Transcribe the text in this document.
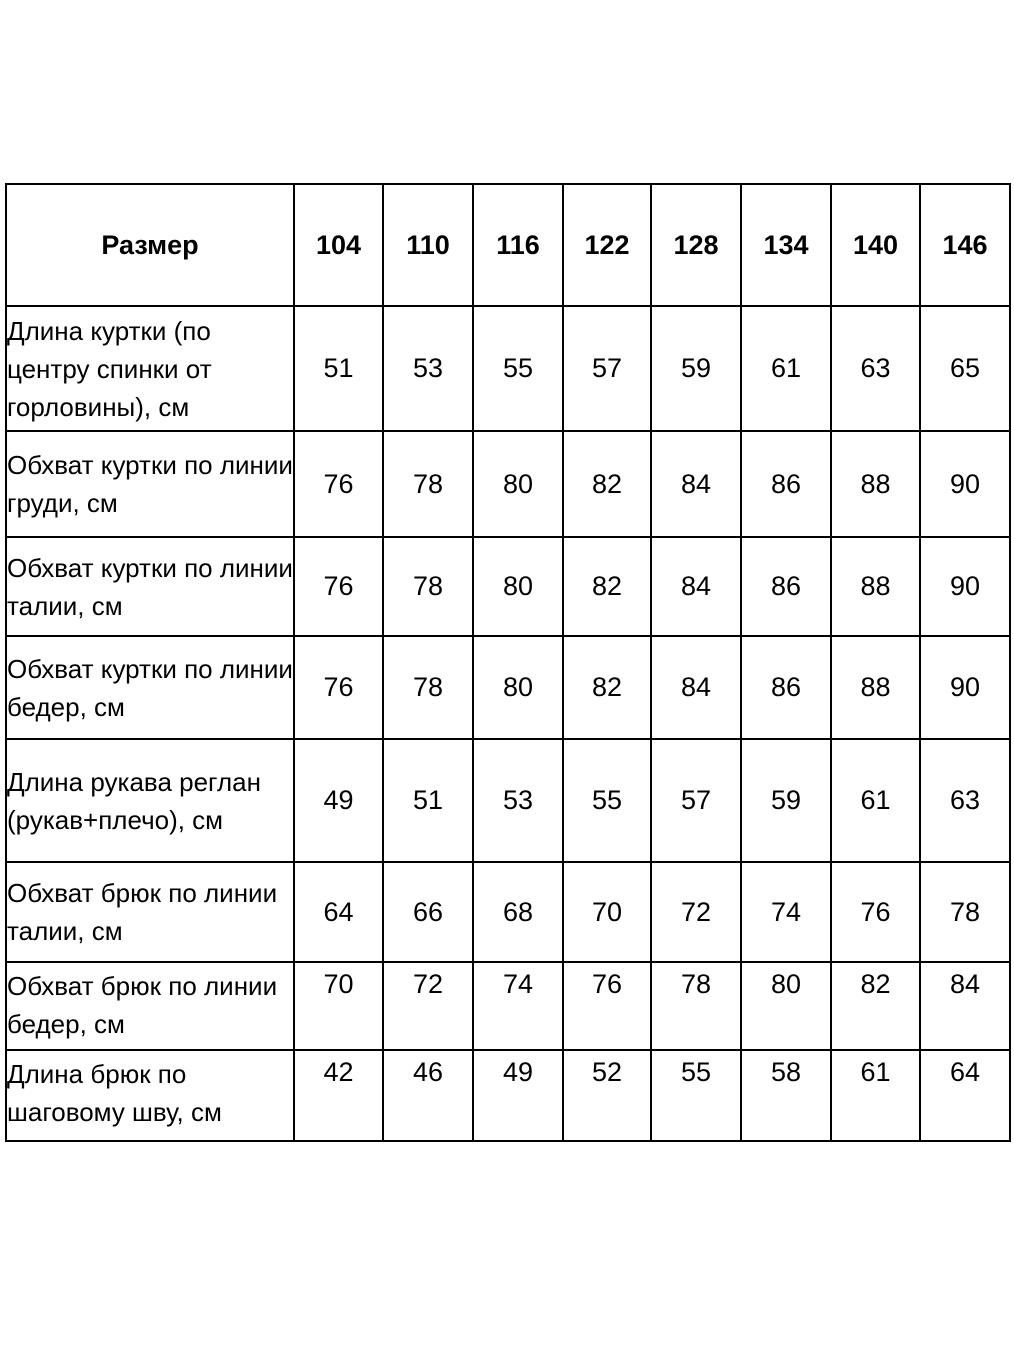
Размер	104	110	116	122	128	134	140	146
Длина куртки (по центру спинки от горловины), см	51	53	55	57	59	61	63	65
Обхват куртки по линии груди, см	76	78	80	82	84	86	88	90
Обхват куртки по линии талии, см	76	78	80	82	84	86	88	90
Обхват куртки по линии бедер, см	76	78	80	82	84	86	88	90
Длина рукава реглан (рукав+плечо), см	49	51	53	55	57	59	61	63
Обхват брюк по линии талии, см	64	66	68	70	72	74	76	78
Обхват брюк по линии бедер, см	70	72	74	76	78	80	82	84
Длина брюк по шаговому шву, см	42	46	49	52	55	58	61	64
